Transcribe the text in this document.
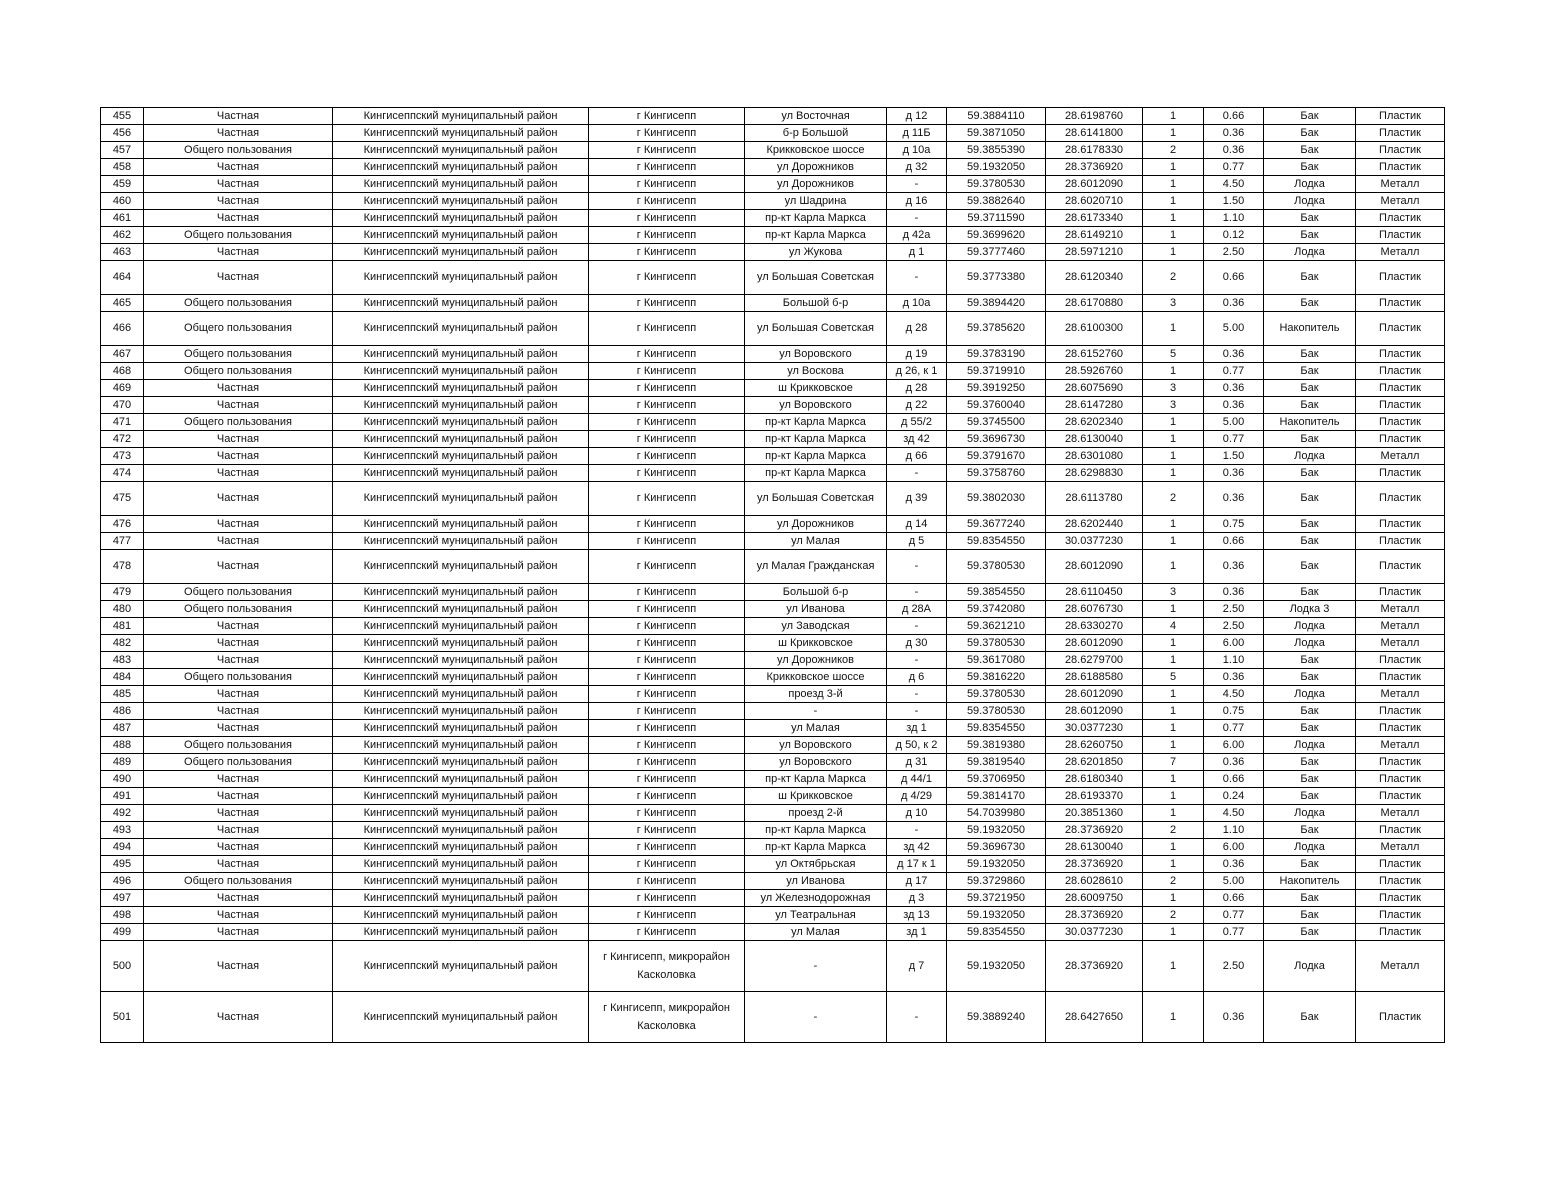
455	Частная	Кингисеппский муниципальный район	г Кингисепп	ул Восточная	д 12	59.3884110	28.6198760	1	0.66	Бак	Пластик
456	Частная	Кингисеппский муниципальный район	г Кингисепп	б-р Большой	д 11Б	59.3871050	28.6141800	1	0.36	Бак	Пластик
457	Общего пользования	Кингисеппский муниципальный район	г Кингисепп	Крикковское шоссе	д 10а	59.3855390	28.6178330	2	0.36	Бак	Пластик
458	Частная	Кингисеппский муниципальный район	г Кингисепп	ул Дорожников	д 32	59.1932050	28.3736920	1	0.77	Бак	Пластик
459	Частная	Кингисеппский муниципальный район	г Кингисепп	ул Дорожников	-	59.3780530	28.6012090	1	4.50	Лодка	Металл
460	Частная	Кингисеппский муниципальный район	г Кингисепп	ул Шадрина	д 16	59.3882640	28.6020710	1	1.50	Лодка	Металл
461	Частная	Кингисеппский муниципальный район	г Кингисепп	пр-кт Карла Маркса	-	59.3711590	28.6173340	1	1.10	Бак	Пластик
462	Общего пользования	Кингисеппский муниципальный район	г Кингисепп	пр-кт Карла Маркса	д 42а	59.3699620	28.6149210	1	0.12	Бак	Пластик
463	Частная	Кингисеппский муниципальный район	г Кингисепп	ул Жукова	д 1	59.3777460	28.5971210	1	2.50	Лодка	Металл
464	Частная	Кингисеппский муниципальный район	г Кингисепп	ул Большая Советская	-	59.3773380	28.6120340	2	0.66	Бак	Пластик
465	Общего пользования	Кингисеппский муниципальный район	г Кингисепп	Большой б-р	д 10а	59.3894420	28.6170880	3	0.36	Бак	Пластик
466	Общего пользования	Кингисеппский муниципальный район	г Кингисепп	ул Большая Советская	д 28	59.3785620	28.6100300	1	5.00	Накопитель	Пластик
467	Общего пользования	Кингисеппский муниципальный район	г Кингисепп	ул Воровского	д 19	59.3783190	28.6152760	5	0.36	Бак	Пластик
468	Общего пользования	Кингисеппский муниципальный район	г Кингисепп	ул Воскова	д 26, к 1	59.3719910	28.5926760	1	0.77	Бак	Пластик
469	Частная	Кингисеппский муниципальный район	г Кингисепп	ш Крикковское	д 28	59.3919250	28.6075690	3	0.36	Бак	Пластик
470	Частная	Кингисеппский муниципальный район	г Кингисепп	ул Воровского	д 22	59.3760040	28.6147280	3	0.36	Бак	Пластик
471	Общего пользования	Кингисеппский муниципальный район	г Кингисепп	пр-кт Карла Маркса	д 55/2	59.3745500	28.6202340	1	5.00	Накопитель	Пластик
472	Частная	Кингисеппский муниципальный район	г Кингисепп	пр-кт Карла Маркса	зд 42	59.3696730	28.6130040	1	0.77	Бак	Пластик
473	Частная	Кингисеппский муниципальный район	г Кингисепп	пр-кт Карла Маркса	д 66	59.3791670	28.6301080	1	1.50	Лодка	Металл
474	Частная	Кингисеппский муниципальный район	г Кингисепп	пр-кт Карла Маркса	-	59.3758760	28.6298830	1	0.36	Бак	Пластик
475	Частная	Кингисеппский муниципальный район	г Кингисепп	ул Большая Советская	д 39	59.3802030	28.6113780	2	0.36	Бак	Пластик
476	Частная	Кингисеппский муниципальный район	г Кингисепп	ул Дорожников	д 14	59.3677240	28.6202440	1	0.75	Бак	Пластик
477	Частная	Кингисеппский муниципальный район	г Кингисепп	ул Малая	д 5	59.8354550	30.0377230	1	0.66	Бак	Пластик
478	Частная	Кингисеппский муниципальный район	г Кингисепп	ул Малая Гражданская	-	59.3780530	28.6012090	1	0.36	Бак	Пластик
479	Общего пользования	Кингисеппский муниципальный район	г Кингисепп	Большой б-р	-	59.3854550	28.6110450	3	0.36	Бак	Пластик
480	Общего пользования	Кингисеппский муниципальный район	г Кингисепп	ул Иванова	д 28А	59.3742080	28.6076730	1	2.50	Лодка 3	Металл
481	Частная	Кингисеппский муниципальный район	г Кингисепп	ул Заводская	-	59.3621210	28.6330270	4	2.50	Лодка	Металл
482	Частная	Кингисеппский муниципальный район	г Кингисепп	ш Крикковское	д 30	59.3780530	28.6012090	1	6.00	Лодка	Металл
483	Частная	Кингисеппский муниципальный район	г Кингисепп	ул Дорожников	-	59.3617080	28.6279700	1	1.10	Бак	Пластик
484	Общего пользования	Кингисеппский муниципальный район	г Кингисепп	Крикковское шоссе	д 6	59.3816220	28.6188580	5	0.36	Бак	Пластик
485	Частная	Кингисеппский муниципальный район	г Кингисепп	проезд 3-й	-	59.3780530	28.6012090	1	4.50	Лодка	Металл
486	Частная	Кингисеппский муниципальный район	г Кингисепп	-	-	59.3780530	28.6012090	1	0.75	Бак	Пластик
487	Частная	Кингисеппский муниципальный район	г Кингисепп	ул Малая	зд 1	59.8354550	30.0377230	1	0.77	Бак	Пластик
488	Общего пользования	Кингисеппский муниципальный район	г Кингисепп	ул Воровского	д 50, к 2	59.3819380	28.6260750	1	6.00	Лодка	Металл
489	Общего пользования	Кингисеппский муниципальный район	г Кингисепп	ул Воровского	д 31	59.3819540	28.6201850	7	0.36	Бак	Пластик
490	Частная	Кингисеппский муниципальный район	г Кингисепп	пр-кт Карла Маркса	д 44/1	59.3706950	28.6180340	1	0.66	Бак	Пластик
491	Частная	Кингисеппский муниципальный район	г Кингисепп	ш Крикковское	д 4/29	59.3814170	28.6193370	1	0.24	Бак	Пластик
492	Частная	Кингисеппский муниципальный район	г Кингисепп	проезд 2-й	д 10	54.7039980	20.3851360	1	4.50	Лодка	Металл
493	Частная	Кингисеппский муниципальный район	г Кингисепп	пр-кт Карла Маркса	-	59.1932050	28.3736920	2	1.10	Бак	Пластик
494	Частная	Кингисеппский муниципальный район	г Кингисепп	пр-кт Карла Маркса	зд 42	59.3696730	28.6130040	1	6.00	Лодка	Металл
495	Частная	Кингисеппский муниципальный район	г Кингисепп	ул Октябрьская	д 17 к 1	59.1932050	28.3736920	1	0.36	Бак	Пластик
496	Общего пользования	Кингисеппский муниципальный район	г Кингисепп	ул Иванова	д 17	59.3729860	28.6028610	2	5.00	Накопитель	Пластик
497	Частная	Кингисеппский муниципальный район	г Кингисепп	ул Железнодорожная	д 3	59.3721950	28.6009750	1	0.66	Бак	Пластик
498	Частная	Кингисеппский муниципальный район	г Кингисепп	ул Театральная	зд 13	59.1932050	28.3736920	2	0.77	Бак	Пластик
499	Частная	Кингисеппский муниципальный район	г Кингисепп	ул Малая	зд 1	59.8354550	30.0377230	1	0.77	Бак	Пластик
500	Частная	Кингисеппский муниципальный район	г Кингисепп, микрорайон Касколовка	-	д 7	59.1932050	28.3736920	1	2.50	Лодка	Металл
501	Частная	Кингисеппский муниципальный район	г Кингисепп, микрорайон Касколовка	-	-	59.3889240	28.6427650	1	0.36	Бак	Пластик
